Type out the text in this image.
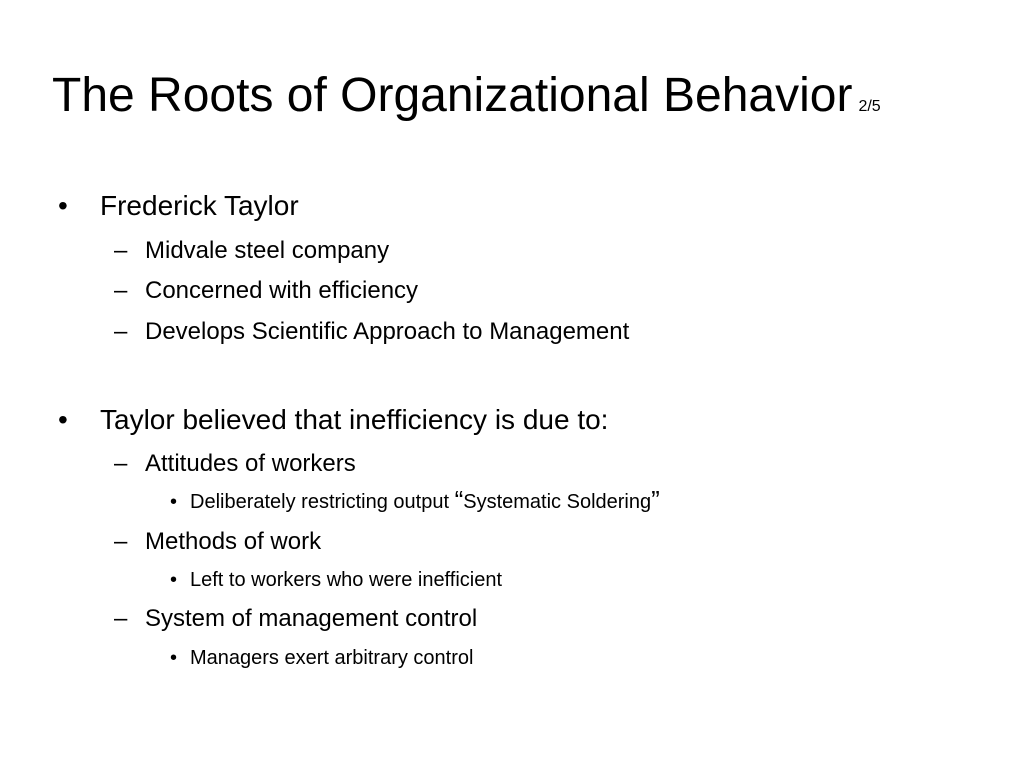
The Roots of Organizational Behavior 2/5
• Frederick Taylor
– Midvale steel company
– Concerned with efficiency
– Develops Scientific Approach to Management
• Taylor believed that inefficiency is due to:
– Attitudes of workers
• Deliberately restricting output “Systematic Soldering”
– Methods of work
• Left to workers who were inefficient
– System of management control
• Managers exert arbitrary control
